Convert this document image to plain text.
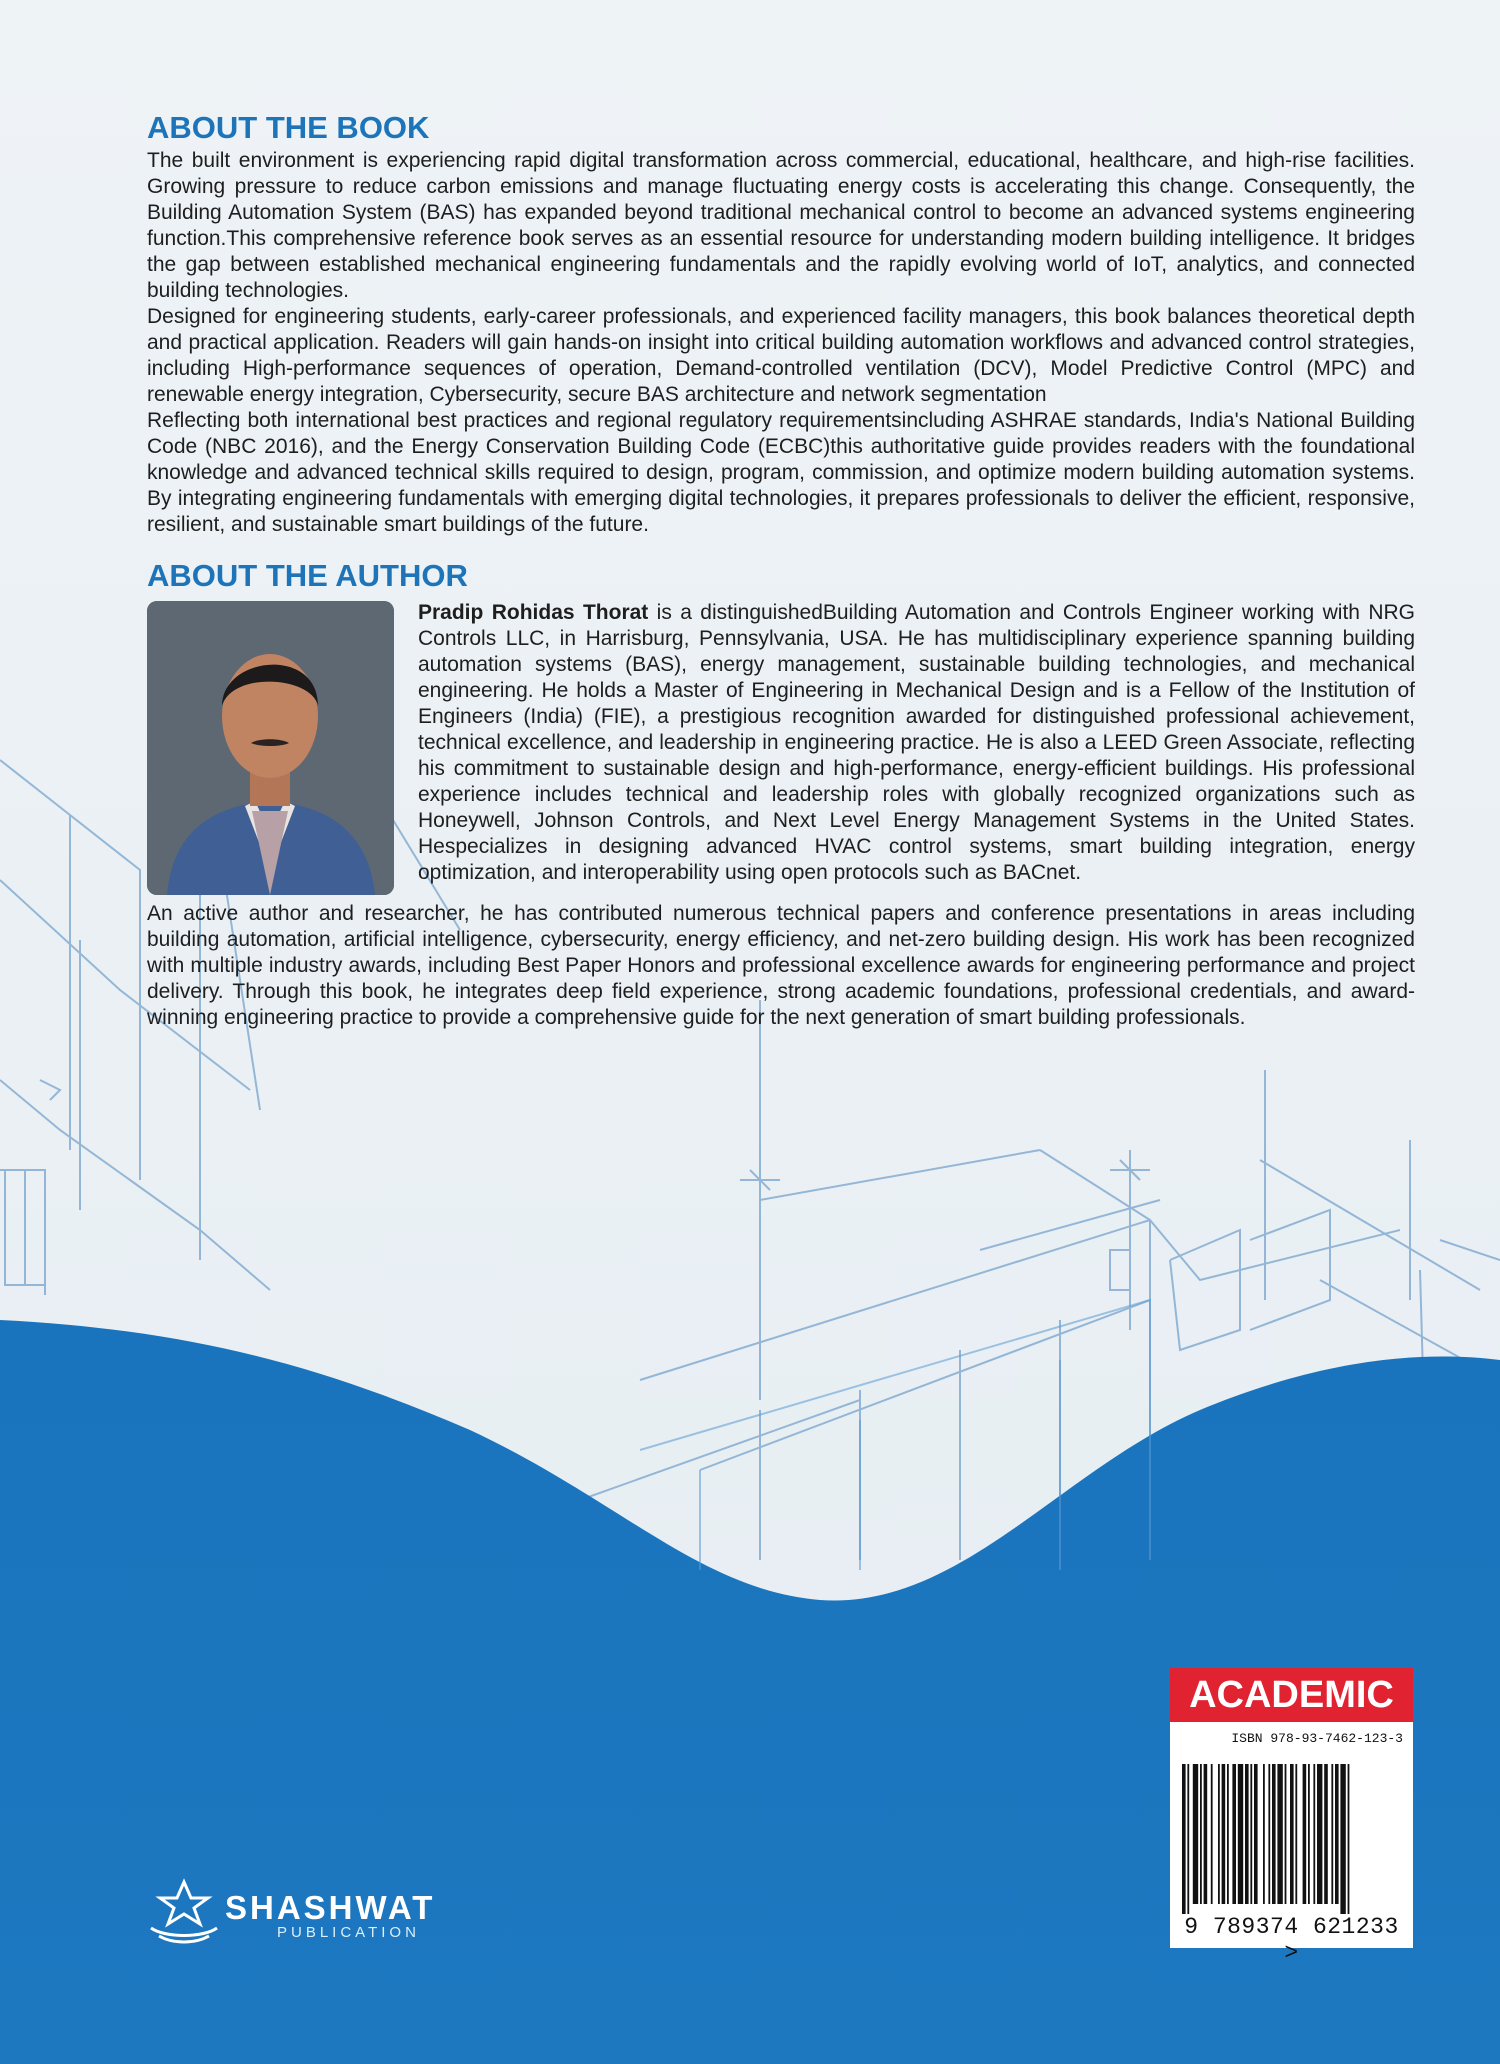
ABOUT THE BOOK

The built environment is experiencing rapid digital transformation across commercial, educational, healthcare, and high-rise facilities. Growing pressure to reduce carbon emissions and manage fluctuating energy costs is accelerating this change. Consequently, the Building Automation System (BAS) has expanded beyond traditional mechanical control to become an advanced systems engineering function.This comprehensive reference book serves as an essential resource for understanding modern building intelligence. It bridges the gap between established mechanical engineering fundamentals and the rapidly evolving world of IoT, analytics, and connected building technologies.

Designed for engineering students, early-career professionals, and experienced facility managers, this book balances theoretical depth and practical application. Readers will gain hands-on insight into critical building automation workflows and advanced control strategies, including High-performance sequences of operation, Demand-controlled ventilation (DCV), Model Predictive Control (MPC) and renewable energy integration, Cybersecurity, secure BAS architecture and network segmentation

Reflecting both international best practices and regional regulatory requirementsincluding ASHRAE standards, India's National Building Code (NBC 2016), and the Energy Conservation Building Code (ECBC)this authoritative guide provides readers with the foundational knowledge and advanced technical skills required to design, program, commission, and optimize modern building automation systems. By integrating engineering fundamentals with emerging digital technologies, it prepares professionals to deliver the efficient, responsive, resilient, and sustainable smart buildings of the future.

ABOUT THE AUTHOR

Pradip Rohidas Thorat is a distinguishedBuilding Automation and Controls Engineer working with NRG Controls LLC, in Harrisburg, Pennsylvania, USA. He has multidisciplinary experience spanning building automation systems (BAS), energy management, sustainable building technologies, and mechanical engineering. He holds a Master of Engineering in Mechanical Design and is a Fellow of the Institution of Engineers (India) (FIE), a prestigious recognition awarded for distinguished professional achievement, technical excellence, and leadership in engineering practice. He is also a LEED Green Associate, reflecting his commitment to sustainable design and high-performance, energy-efficient buildings. His professional experience includes technical and leadership roles with globally recognized organizations such as Honeywell, Johnson Controls, and Next Level Energy Management Systems in the United States. Hespecializes in designing advanced HVAC control systems, smart building integration, energy optimization, and interoperability using open protocols such as BACnet.

An active author and researcher, he has contributed numerous technical papers and conference presentations in areas including building automation, artificial intelligence, cybersecurity, energy efficiency, and net-zero building design. His work has been recognized with multiple industry awards, including Best Paper Honors and professional excellence awards for engineering performance and project delivery. Through this book, he integrates deep field experience, strong academic foundations, professional credentials, and award-winning engineering practice to provide a comprehensive guide for the next generation of smart building professionals.

ACADEMIC
ISBN 978-93-7462-123-3
9 789374 621233 >
SHASHWAT
PUBLICATION
